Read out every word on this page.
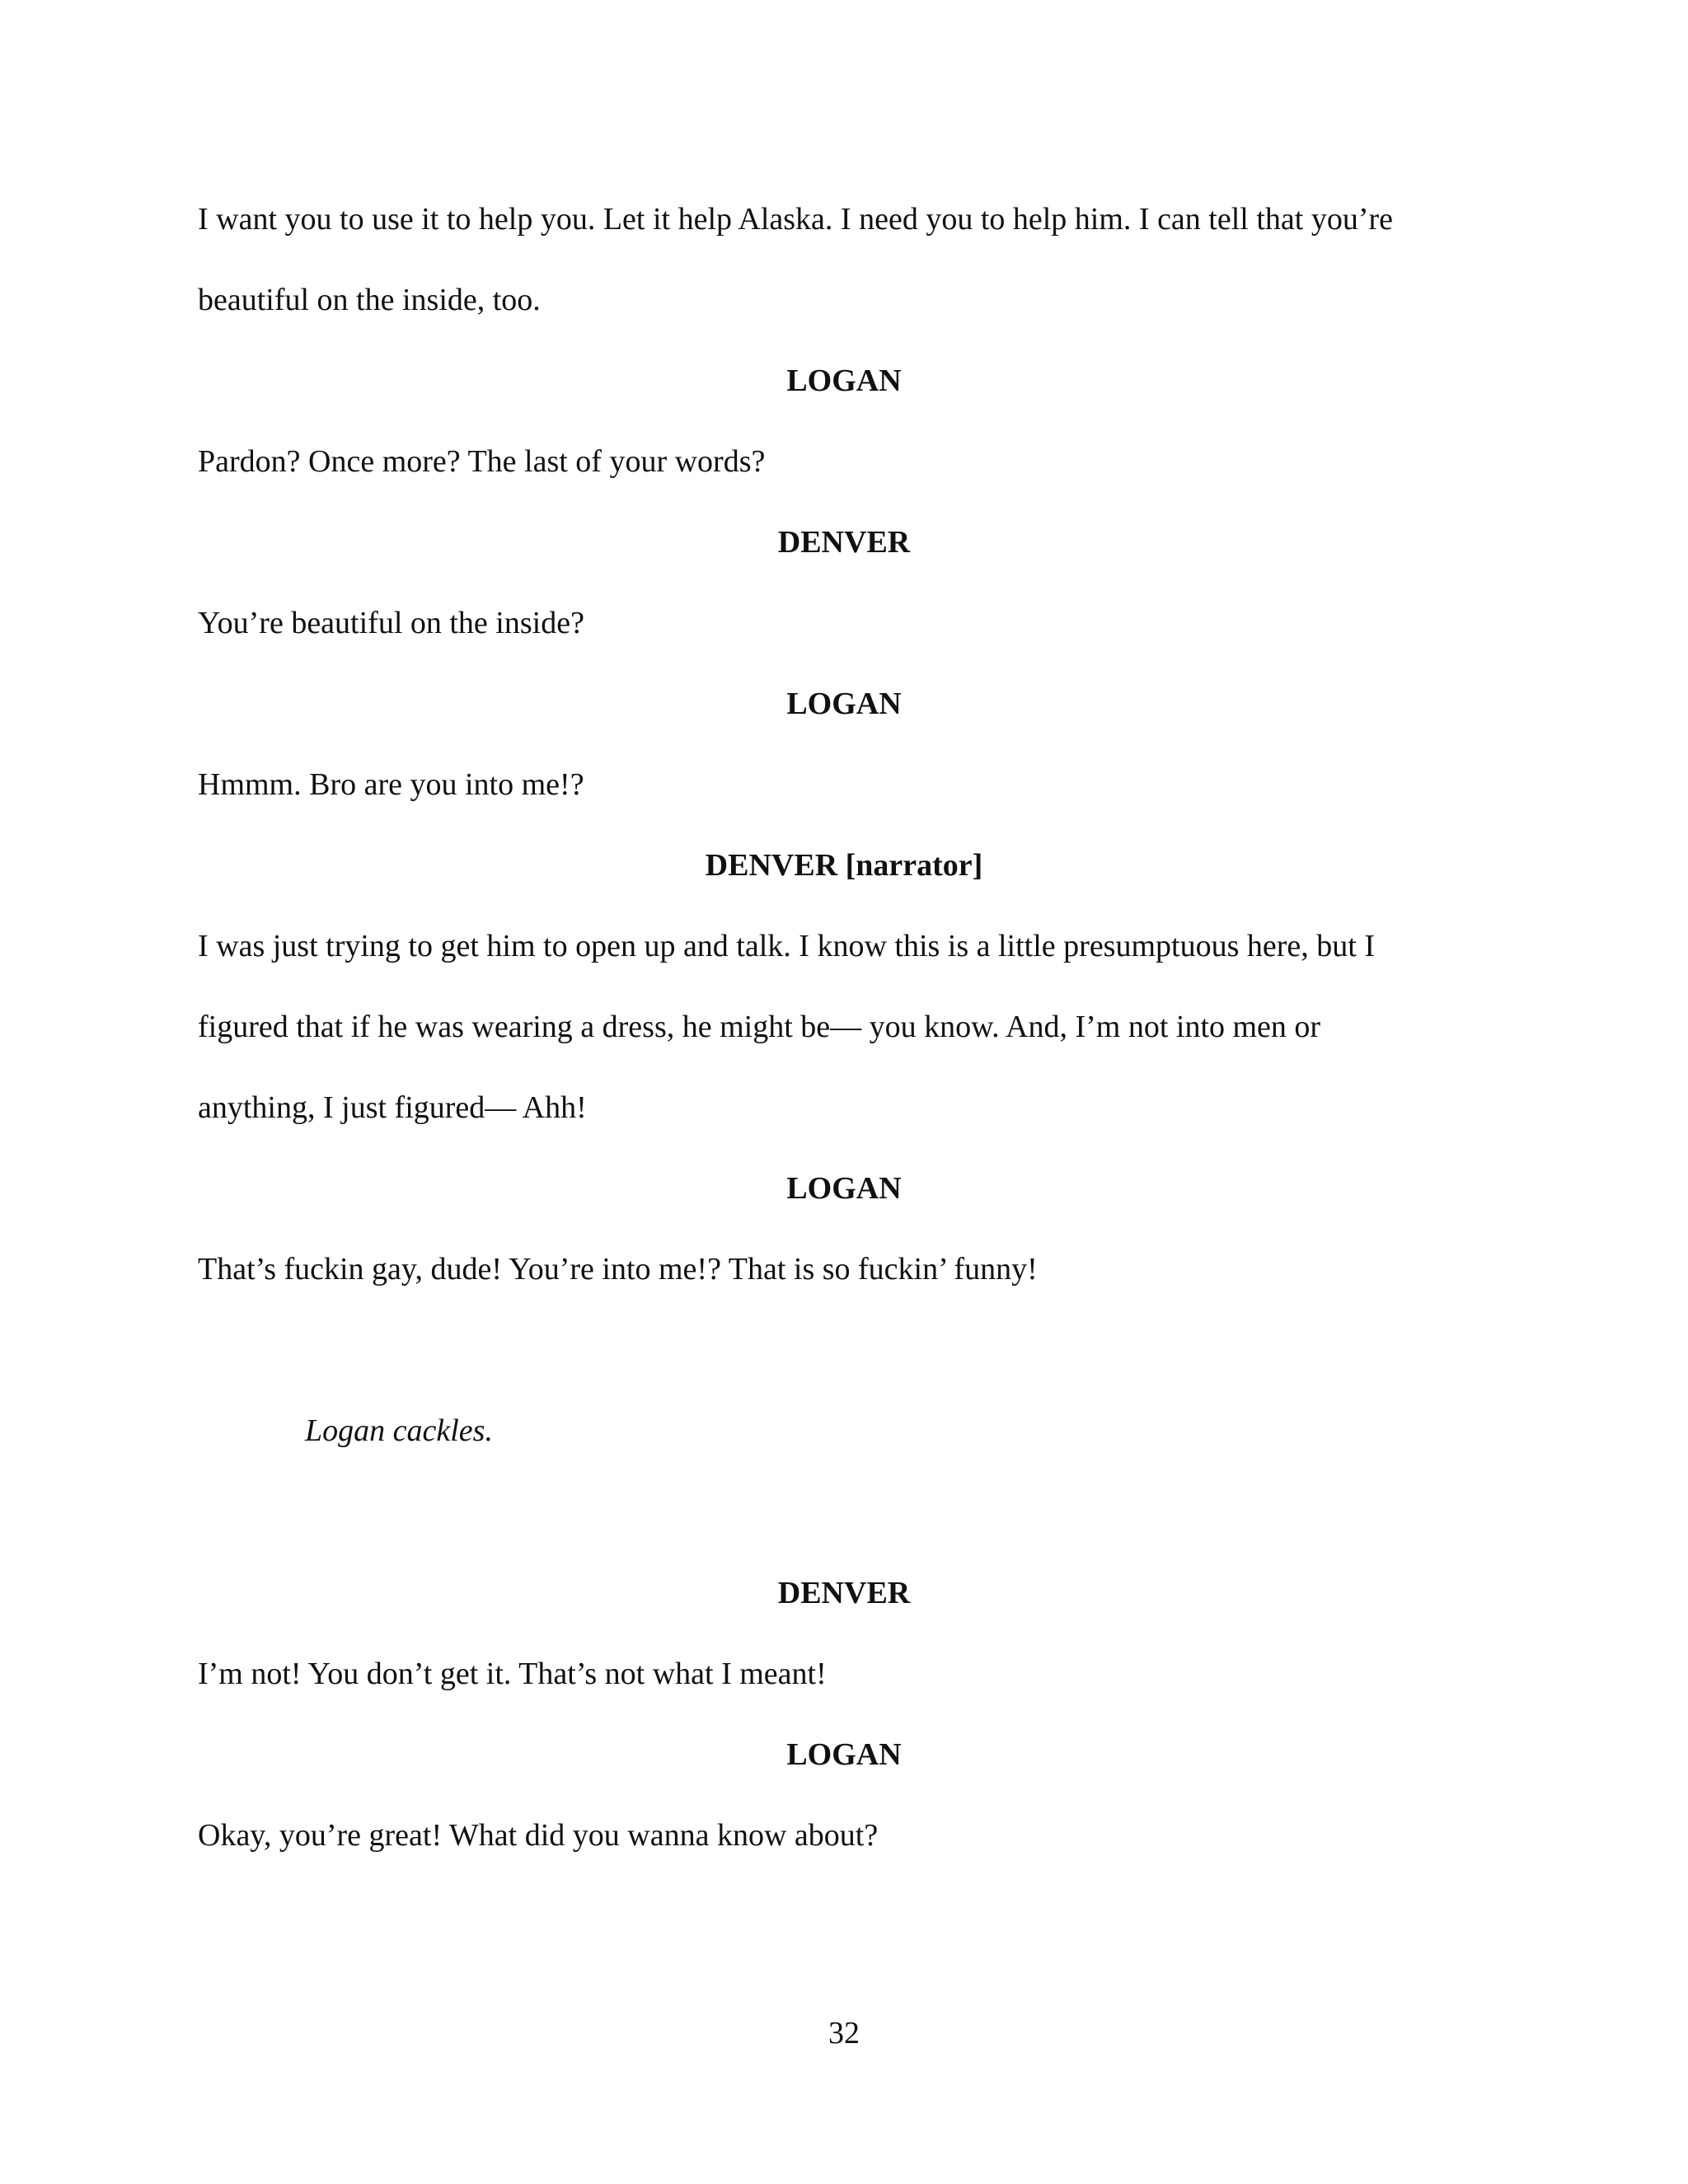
I want you to use it to help you. Let it help Alaska. I need you to help him. I can tell that you’re
beautiful on the inside, too.
LOGAN
Pardon? Once more? The last of your words?
DENVER
You’re beautiful on the inside?
LOGAN
Hmmm. Bro are you into me!?
DENVER [narrator]
I was just trying to get him to open up and talk. I know this is a little presumptuous here, but I
figured that if he was wearing a dress, he might be— you know. And, I’m not into men or
anything, I just figured— Ahh!
LOGAN
That’s fuckin gay, dude! You’re into me!? That is so fuckin’ funny!
Logan cackles.
DENVER
I’m not! You don’t get it. That’s not what I meant!
LOGAN
Okay, you’re great! What did you wanna know about?
32
